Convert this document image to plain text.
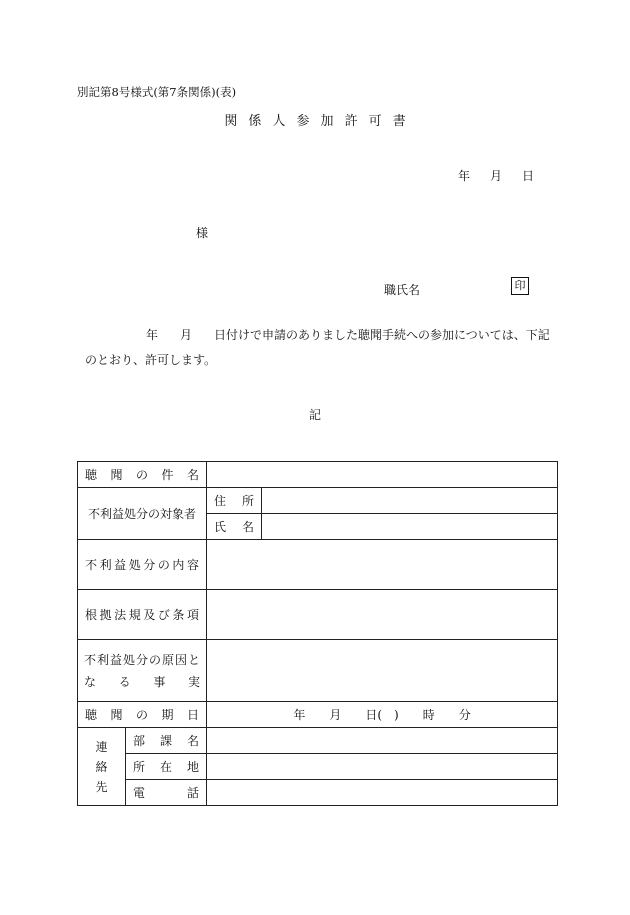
別記第8号様式(第7条関係)(表)
関係人参加許可書
年 月 日
様
職氏名	印
年 月 日付けで申請のありました聴聞手続への参加については、下記
のとおり、許可します。
記
聴聞の件名			
不利益処分の対象者		住所	
		氏名	
不利益処分の内容			
根拠法規及び条項			

不利益処分の原因と
なる事実			

聴聞の期日		年　　月　　日(　)　　時　　分	

連
絡
先	部課名		
	所在地		
	電話		
